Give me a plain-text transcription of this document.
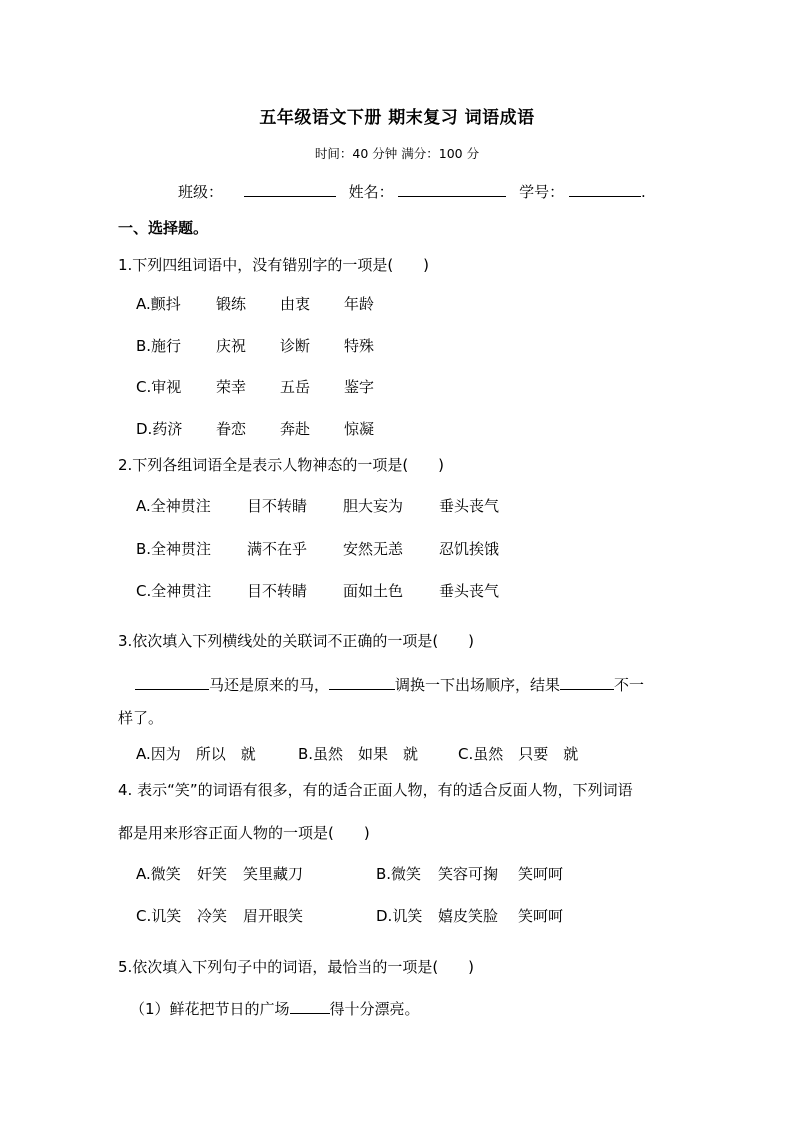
五年级语文下册 期末复习 词语成语
时间：40 分钟 满分：100 分
班级：	姓名：	学号：	.
一、选择题。
1.下列四组词语中，没有错别字的一项是(　　)
A.颤抖 锻练 由衷 年龄
B.施行 庆祝 诊断 特殊
C.审视 荣幸 五岳 鉴字
D.药济 眷恋 奔赴 惊凝
2.下列各组词语全是表示人物神态的一项是(　　)
A.全神贯注 目不转睛 胆大妄为 垂头丧气
B.全神贯注 满不在乎 安然无恙 忍饥挨饿
C.全神贯注 目不转睛 面如土色 垂头丧气
3.依次填入下列横线处的关联词不正确的一项是(　　)
马还是原来的马，	调换一下出场顺序，结果	不一
样了。
A.因为　所以　就	B.虽然　如果　就	C.虽然　只要　就
4. 表示“笑”的词语有很多，有的适合正面人物，有的适合反面人物，下列词语
都是用来形容正面人物的一项是(　　)
A.微笑 奸笑 笑里藏刀	B.微笑 笑容可掬 笑呵呵
C.讥笑 冷笑 眉开眼笑	D.讥笑 嬉皮笑脸 笑呵呵
5.依次填入下列句子中的词语，最恰当的一项是(　　)
（1）鲜花把节日的广场	得十分漂亮。
